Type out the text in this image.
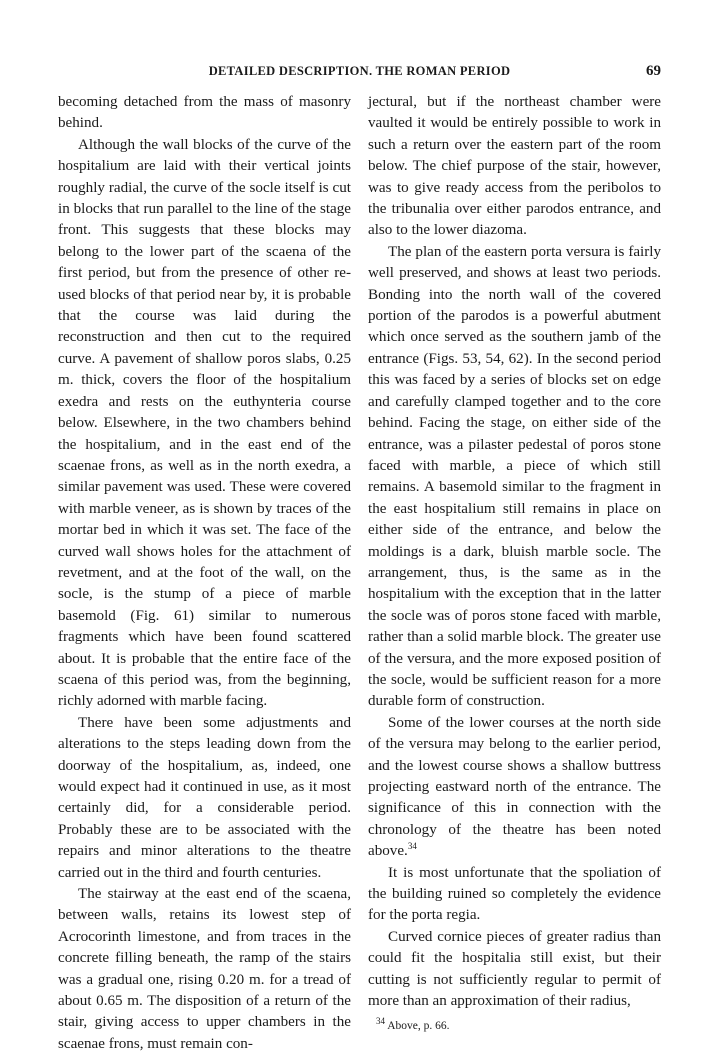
DETAILED DESCRIPTION. THE ROMAN PERIOD	69

becoming detached from the mass of masonry behind.

Although the wall blocks of the curve of the hospitalium are laid with their vertical joints roughly radial, the curve of the socle itself is cut in blocks that run parallel to the line of the stage front. This suggests that these blocks may belong to the lower part of the scaena of the first period, but from the presence of other re-used blocks of that period near by, it is probable that the course was laid during the reconstruction and then cut to the required curve. A pavement of shallow poros slabs, 0.25 m. thick, covers the floor of the hospitalium exedra and rests on the euthynteria course below. Elsewhere, in the two chambers behind the hospitalium, and in the east end of the scaenae frons, as well as in the north exedra, a similar pavement was used. These were covered with marble veneer, as is shown by traces of the mortar bed in which it was set. The face of the curved wall shows holes for the attachment of revetment, and at the foot of the wall, on the socle, is the stump of a piece of marble basemold (Fig. 61) similar to numerous fragments which have been found scattered about. It is probable that the entire face of the scaena of this period was, from the beginning, richly adorned with marble facing.

There have been some adjustments and alterations to the steps leading down from the doorway of the hospitalium, as, indeed, one would expect had it continued in use, as it most certainly did, for a considerable period. Probably these are to be associated with the repairs and minor alterations to the theatre carried out in the third and fourth centuries.

The stairway at the east end of the scaena, between walls, retains its lowest step of Acrocorinth limestone, and from traces in the concrete filling beneath, the ramp of the stairs was a gradual one, rising 0.20 m. for a tread of about 0.65 m. The disposition of a return of the stair, giving access to upper chambers in the scaenae frons, must remain con-

jectural, but if the northeast chamber were vaulted it would be entirely possible to work in such a return over the eastern part of the room below. The chief purpose of the stair, however, was to give ready access from the peribolos to the tribunalia over either parodos entrance, and also to the lower diazoma.

The plan of the eastern porta versura is fairly well preserved, and shows at least two periods. Bonding into the north wall of the covered portion of the parodos is a powerful abutment which once served as the southern jamb of the entrance (Figs. 53, 54, 62). In the second period this was faced by a series of blocks set on edge and carefully clamped together and to the core behind. Facing the stage, on either side of the entrance, was a pilaster pedestal of poros stone faced with marble, a piece of which still remains. A basemold similar to the fragment in the east hospitalium still remains in place on either side of the entrance, and below the moldings is a dark, bluish marble socle. The arrangement, thus, is the same as in the hospitalium with the exception that in the latter the socle was of poros stone faced with marble, rather than a solid marble block. The greater use of the versura, and the more exposed position of the socle, would be sufficient reason for a more durable form of construction.

Some of the lower courses at the north side of the versura may belong to the earlier period, and the lowest course shows a shallow buttress projecting eastward north of the entrance. The significance of this in connection with the chronology of the theatre has been noted above.$^{34}$

It is most unfortunate that the spoliation of the building ruined so completely the evidence for the porta regia.

Curved cornice pieces of greater radius than could fit the hospitalia still exist, but their cutting is not sufficiently regular to permit of more than an approximation of their radius,

$^{34}$ Above, p. 66.
